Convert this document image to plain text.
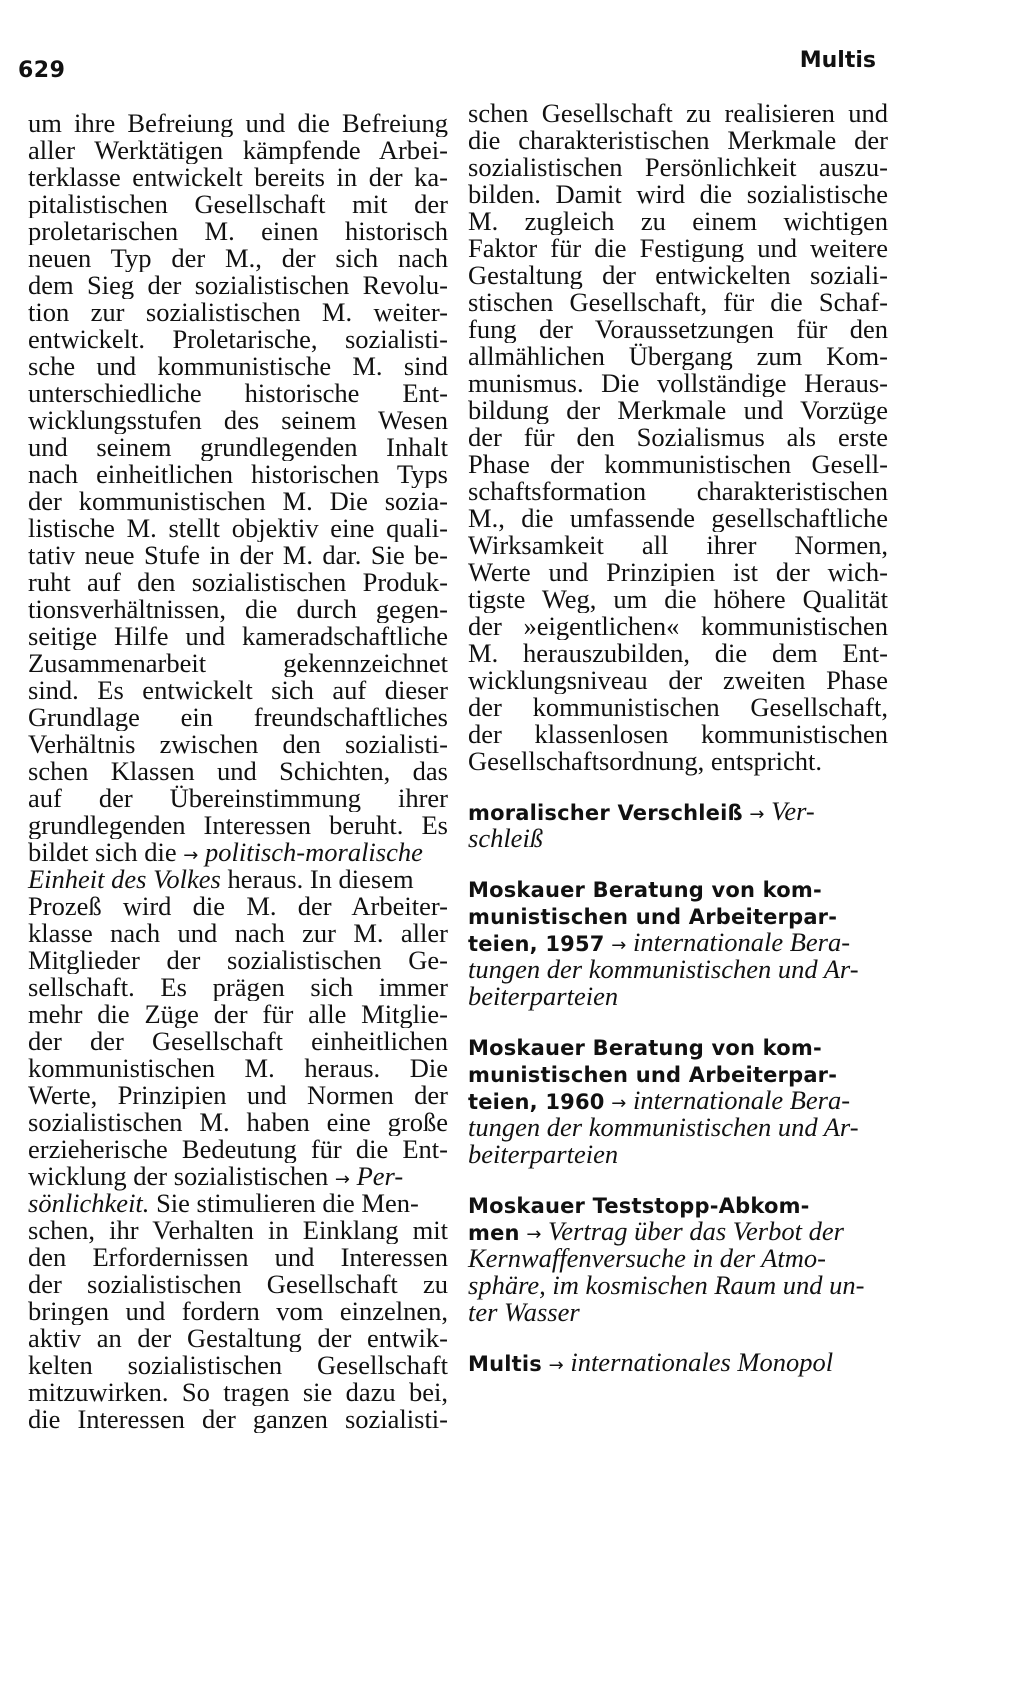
629	Multis
um ihre Befreiung und die Befreiung
aller Werktätigen kämpfende Arbei-
terklasse entwickelt bereits in der ka-
pitalistischen Gesellschaft mit der
proletarischen M. einen historisch
neuen Typ der M., der sich nach
dem Sieg der sozialistischen Revolu-
tion zur sozialistischen M. weiter-
entwickelt. Proletarische, sozialisti-
sche und kommunistische M. sind
unterschiedliche historische Ent-
wicklungsstufen des seinem Wesen
und seinem grundlegenden Inhalt
nach einheitlichen historischen Typs
der kommunistischen M. Die sozia-
listische M. stellt objektiv eine quali-
tativ neue Stufe in der M. dar. Sie be-
ruht auf den sozialistischen Produk-
tionsverhältnissen, die durch gegen-
seitige Hilfe und kameradschaftliche
Zusammenarbeit gekennzeichnet
sind. Es entwickelt sich auf dieser
Grundlage ein freundschaftliches
Verhältnis zwischen den sozialisti-
schen Klassen und Schichten, das
auf der Übereinstimmung ihrer
grundlegenden Interessen beruht. Es
bildet sich die → politisch-moralische
Einheit des Volkes heraus. In diesem
Prozeß wird die M. der Arbeiter-
klasse nach und nach zur M. aller
Mitglieder der sozialistischen Ge-
sellschaft. Es prägen sich immer
mehr die Züge der für alle Mitglie-
der der Gesellschaft einheitlichen
kommunistischen M. heraus. Die
Werte, Prinzipien und Normen der
sozialistischen M. haben eine große
erzieherische Bedeutung für die Ent-
wicklung der sozialistischen → Per-
sönlichkeit. Sie stimulieren die Men-
schen, ihr Verhalten in Einklang mit
den Erfordernissen und Interessen
der sozialistischen Gesellschaft zu
bringen und fordern vom einzelnen,
aktiv an der Gestaltung der entwik-
kelten sozialistischen Gesellschaft
mitzuwirken. So tragen sie dazu bei,
die Interessen der ganzen sozialisti-
schen Gesellschaft zu realisieren und
die charakteristischen Merkmale der
sozialistischen Persönlichkeit auszu-
bilden. Damit wird die sozialistische
M. zugleich zu einem wichtigen
Faktor für die Festigung und weitere
Gestaltung der entwickelten soziali-
stischen Gesellschaft, für die Schaf-
fung der Voraussetzungen für den
allmählichen Übergang zum Kom-
munismus. Die vollständige Heraus-
bildung der Merkmale und Vorzüge
der für den Sozialismus als erste
Phase der kommunistischen Gesell-
schaftsformation charakteristischen
M., die umfassende gesellschaftliche
Wirksamkeit all ihrer Normen,
Werte und Prinzipien ist der wich-
tigste Weg, um die höhere Qualität
der »eigentlichen« kommunistischen
M. herauszubilden, die dem Ent-
wicklungsniveau der zweiten Phase
der kommunistischen Gesellschaft,
der klassenlosen kommunistischen
Gesellschaftsordnung, entspricht.
moralischer Verschleiß → Ver-
schleiß
Moskauer Beratung von kom-
munistischen und Arbeiterpar-
teien, 1957 → internationale Bera-
tungen der kommunistischen und Ar-
beiterparteien
Moskauer Beratung von kom-
munistischen und Arbeiterpar-
teien, 1960 → internationale Bera-
tungen der kommunistischen und Ar-
beiterparteien
Moskauer Teststopp-Abkom-
men → Vertrag über das Verbot der
Kernwaffenversuche in der Atmo-
sphäre, im kosmischen Raum und un-
ter Wasser
Multis → internationales Monopol
